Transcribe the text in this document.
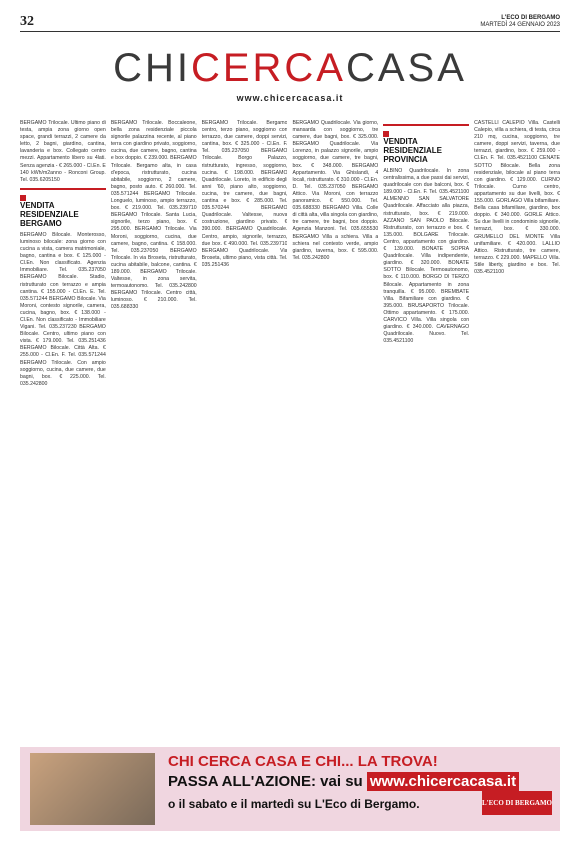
32	L'ECO DI BERGAMO
MARTEDÌ 24 GENNAIO 2023
CHICERCACASA
www.chicercacasa.it

BERGAMO Trilocale. Ultimo piano di testa, ampia zona giorno open space, grandi terrazzi, 2 camere da letto, 2 bagni, giardino, cantina, lavanderia e box. Collegato centro mezzi. Appartamento libero su 4lati. Senza agenzia - € 265.000 - Cl.En. E 140 kWh/m2anno - Ronconi Group. Tel. 035.6205150

VENDITA RESIDENZIALE BERGAMO

BERGAMO Bilocale. Monterosso, luminoso bilocale: zona giorno con cucina a vista, camera matrimoniale, bagno, cantina e box. € 125.000 - Cl.En. Non classificato. Agenzia Immobiliare. Tel. 035.237050 BERGAMO Bilocale. Stadio, ristrutturato con terrazzo e ampia cantina. € 155.000 - Cl.En. E. Tel. 035.571244 BERGAMO Bilocale. Via Moroni, contesto signorile, camera, cucina, bagno, box. € 138.000 - Cl.En. Non classificato - Immobiliare Vigani. Tel. 035.237230 BERGAMO Bilocale. Centro, ultimo piano con vista. € 179.000. Tel. 035.251436 BERGAMO Bilocale. Città Alta. € 255.000 - Cl.En. F. Tel. 035.571244 BERGAMO Trilocale. Con ampio soggiorno, cucina, due camere, due bagni, box. € 225.000. Tel. 035.242800

BERGAMO Trilocale. Boccaleone, bella zona residenziale piccola signorile palazzina recente, al piano terra con giardino privato, soggiorno, cucina, due camere, bagno, cantina e box doppio. € 239.000. BERGAMO Trilocale. Bergamo alta, in casa d'epoca, ristrutturato, cucina abitabile, soggiorno, 2 camere, bagno, posto auto. € 260.000. Tel. 035.571244 BERGAMO Trilocale. Longuelo, luminoso, ampio terrazzo, box. € 219.000. Tel. 035.239710 BERGAMO Trilocale. Santa Lucia, signorile, terzo piano, box. € 295.000. BERGAMO Trilocale. Via Moroni, soggiorno, cucina, due camere, bagno, cantina. € 158.000. Tel. 035.237050 BERGAMO Trilocale. In via Broseta, ristrutturato, cucina abitabile, balcone, cantina. € 189.000. BERGAMO Trilocale. Valtesse, in zona servita, termoautonomo. Tel. 035.242800 BERGAMO Trilocale. Centro città, luminoso. € 210.000. Tel. 035.688330

BERGAMO Trilocale. Bergamo centro, terzo piano, soggiorno con terrazzo, due camere, doppi servizi, cantina, box. € 325.000 - Cl.En. F. Tel. 035.237050 BERGAMO Trilocale. Borgo Palazzo, ristrutturato, ingresso, soggiorno, cucina. € 198.000. BERGAMO Quadrilocale. Loreto, in edificio degli anni '60, piano alto, soggiorno, cucina, tre camere, due bagni, cantina e box. € 285.000. Tel. 035.570244 BERGAMO Quadrilocale. Valtesse, nuova costruzione, giardino privato. € 390.000. BERGAMO Quadrilocale. Centro, ampio, signorile, terrazzo, due box. € 490.000. Tel. 035.239710 BERGAMO Quadrilocale. Via Broseta, ultimo piano, vista città. Tel. 035.251436

BERGAMO Quadrilocale. Via giorno, mansarda con soggiorno, tre camere, due bagni, box. € 325.000. BERGAMO Quadrilocale. Via Lorenzo, in palazzo signorile, ampio soggiorno, due camere, tre bagni, box. € 348.000. BERGAMO Appartamento. Via Ghislandi, 4 locali, ristrutturato. € 310.000 - Cl.En. D. Tel. 035.237050 BERGAMO Attico. Via Moroni, con terrazzo panoramico. € 550.000. Tel. 035.688330 BERGAMO Villa. Colle di città alta, villa singola con giardino, tre camere, tre bagni, box doppio. Agenzia Manzoni. Tel. 035.655530 BERGAMO Villa a schiera. Villa a schiera nel contesto verde, ampio giardino, taverna, box. € 595.000. Tel. 035.242800

VENDITA RESIDENZIALE PROVINCIA

ALBINO Quadrilocale. In zona centralissima, a due passi dai servizi, quadrilocale con due balconi, box. € 189.000 - Cl.En. F. Tel. 035.4521100 ALMENNO SAN SALVATORE Quadrilocale. Affacciato alla piazza, ristrutturato, box. € 219.000. AZZANO SAN PAOLO Bilocale. Ristrutturato, con terrazzo e box. € 135.000. BOLGARE Trilocale. Centro, appartamento con giardino. € 139.000. BONATE SOPRA Quadrilocale. Villa indipendente, giardino. € 320.000. BONATE SOTTO Bilocale. Termoautonomo, box. € 110.000. BORGO DI TERZO Bilocale. Appartamento in zona tranquilla. € 95.000. BREMBATE Villa. Bifamiliare con giardino. € 395.000. BRUSAPORTO Trilocale. Ottimo appartamento. € 175.000. CARVICO Villa. Villa singola con giardino. € 340.000. CAVERNAGO Quadrilocale. Nuovo. Tel. 035.4521100

CASTELLI CALEPIO Villa. Castelli Calepio, villa a schiera, di testa, circa 210 mq, cucina, soggiorno, tre camere, doppi servizi, taverna, due terrazzi, giardino, box. € 259.000 - Cl.En. F. Tel. 035.4521100 CENATE SOTTO Bilocale. Bella zona residenziale, bilocale al piano terra con giardino. € 129.000. CURNO Trilocale. Curno centro, appartamento su due livelli, box. € 155.000. GORLAGO Villa bifamiliare. Bella casa bifamiliare, giardino, box doppio. € 340.000. GORLE Attico. Su due livelli in condominio signorile, terrazzi, box. € 330.000. GRUMELLO DEL MONTE Villa unifamiliare. € 420.000. LALLIO Attico. Ristrutturato, tre camere, terrazzo. € 229.000. MAPELLO Villa. Stile liberty, giardino e box. Tel. 035.4521100

CHI CERCA CASA E CHI... LA TROVA!
PASSA ALL'AZIONE: vai su www.chicercacasa.it
o il sabato e il martedì su L'Eco di Bergamo.	L'ECO DI BERGAMO
